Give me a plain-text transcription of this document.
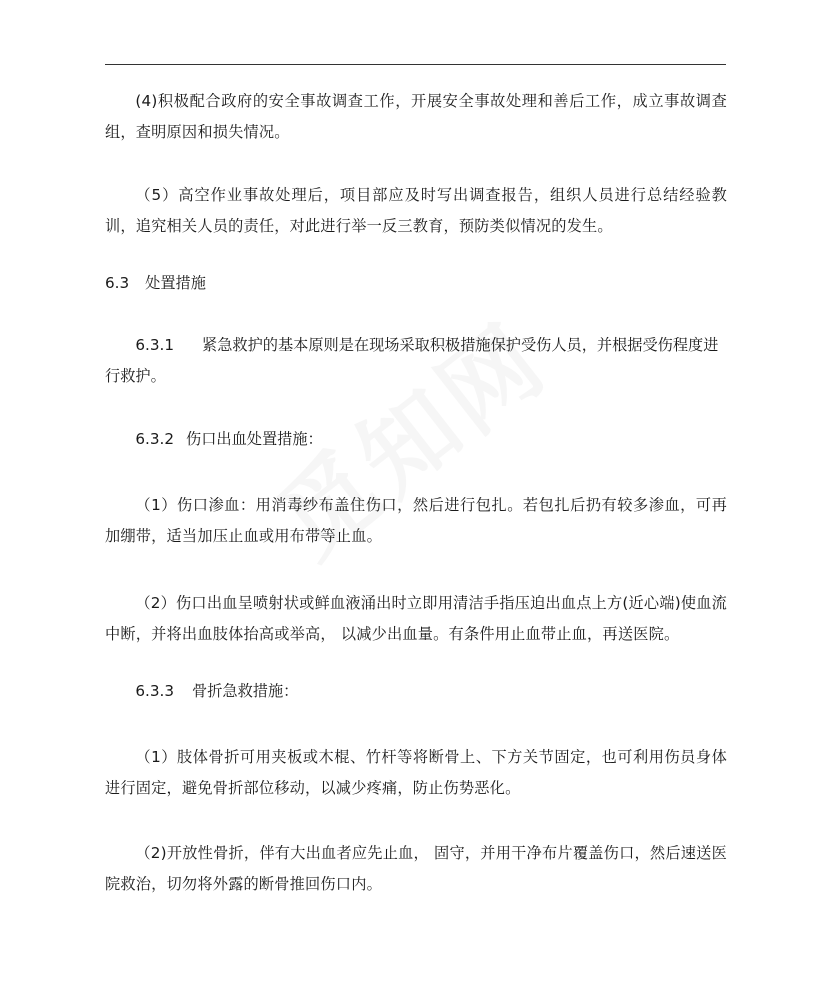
(4)积极配合政府的安全事故调查工作，开展安全事故处理和善后工作，成立事故调查组，查明原因和损失情况。

（5）高空作业事故处理后，项目部应及时写出调查报告，组织人员进行总结经验教训，追究相关人员的责任，对此进行举一反三教育，预防类似情况的发生。

6.3 处置措施

6.3.1 紧急救护的基本原则是在现场采取积极措施保护受伤人员，并根据受伤程度进行救护。

6.3.2 伤口出血处置措施：

（1）伤口渗血：用消毒纱布盖住伤口，然后进行包扎。若包扎后扔有较多渗血，可再加绷带，适当加压止血或用布带等止血。

（2）伤口出血呈喷射状或鲜血液涌出时立即用清洁手指压迫出血点上方(近心端)使血流中断，并将出血肢体抬高或举高， 以减少出血量。有条件用止血带止血，再送医院。

6.3.3 骨折急救措施：

（1）肢体骨折可用夹板或木棍、竹杆等将断骨上、下方关节固定，也可利用伤员身体进行固定，避免骨折部位移动，以减少疼痛，防止伤势恶化。

（2)开放性骨折，伴有大出血者应先止血， 固守，并用干净布片覆盖伤口，然后速送医院救治，切勿将外露的断骨推回伤口内。
